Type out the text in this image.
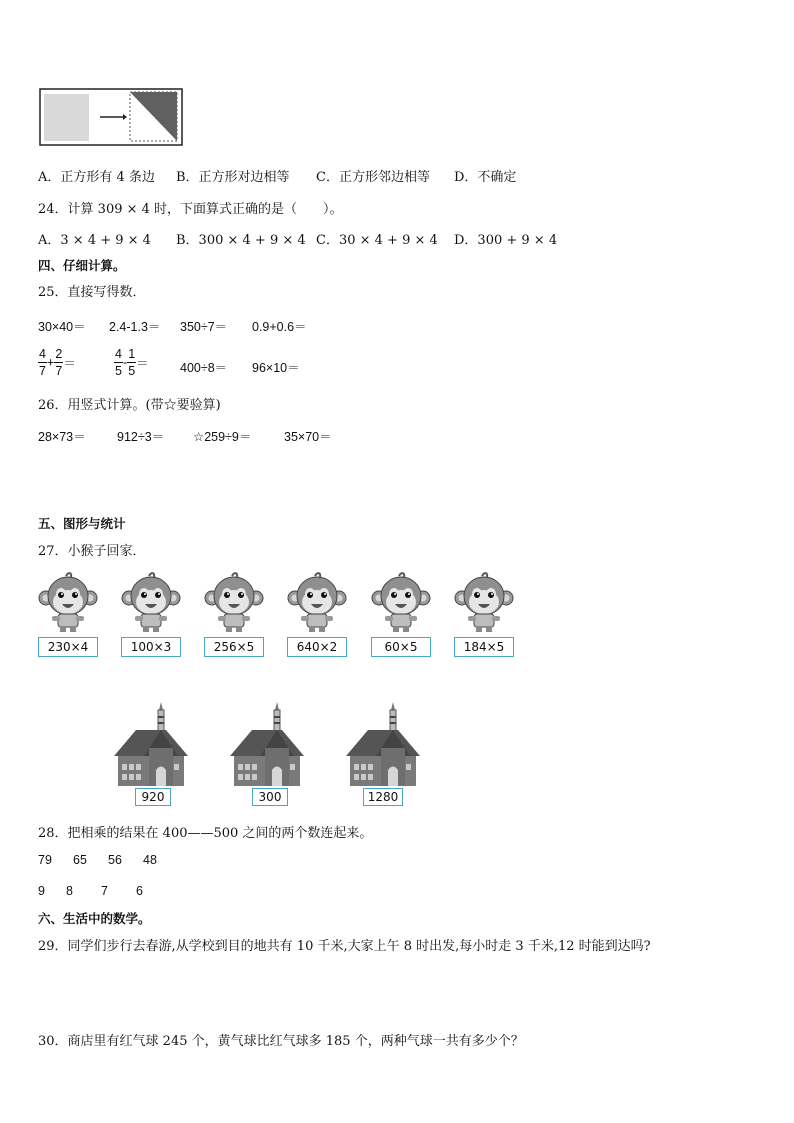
A．正方形有 4 条边 B．正方形对边相等 C．正方形邻边相等 D．不确定
24．计算 309 × 4 时，下面算式正确的是（　　）。
A．3 × 4 + 9 × 4 B．300 × 4 + 9 × 4 C．30 × 4 + 9 × 4 D．300 + 9 × 4
四、仔细计算。
25．直接写得数．
30×40＝ 2.4-1.3＝ 350÷7＝ 0.9+0.6＝
$\frac{4}{7} + \frac{2}{7}$ ＝	$\frac{4}{5} - \frac{1}{5}$ ＝	400÷8＝ 96×10＝
26．用竖式计算。(带☆要验算)
28×73＝	912÷3＝ ☆259÷9＝	35×70＝
五、图形与统计
27．小猴子回家．
230×4	100×3	256×5	640×2	60×5	184×5
920	300	1280
28．把相乘的结果在 400——500 之间的两个数连起来。
79 65 56 48
9 8 7 6
六、生活中的数学。
29．同学们步行去春游,从学校到目的地共有 10 千米,大家上午 8 时出发,每小时走 3 千米,12 时能到达吗?
30．商店里有红气球 245 个，黄气球比红气球多 185 个，两种气球一共有多少个？
